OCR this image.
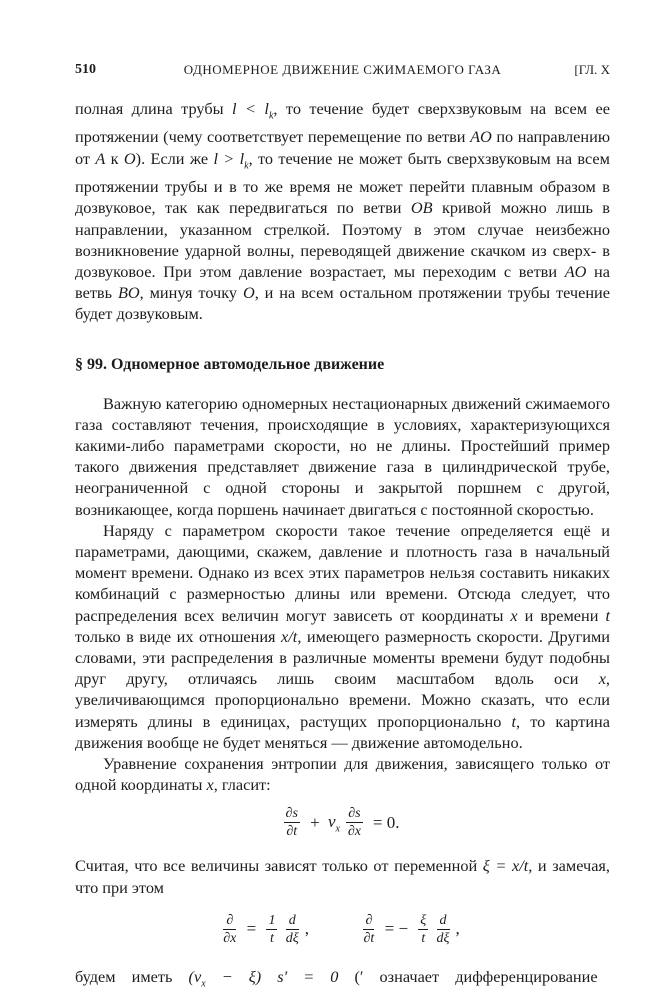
510	ОДНОМЕРНОЕ ДВИЖЕНИЕ СЖИМАЕМОГО ГАЗА	[ГЛ. X

полная длина трубы $l < l_k$, то течение будет сверхзвуковым на всем ее протяжении (чему соответствует перемещение по ветви AO по направлению от A к O). Если же $l > l_k$, то течение не может быть сверхзвуковым на всем протяжении трубы и в то же время не может перейти плавным образом в дозвуковое, так как передвигаться по ветви OB кривой можно лишь в направлении, указанном стрелкой. Поэтому в этом случае неизбежно возникновение ударной волны, переводящей движение скачком из сверх- в дозвуковое. При этом давление возрастает, мы переходим с ветви AO на ветвь BO, минуя точку O, и на всем остальном протяжении трубы течение будет дозвуковым.

§ 99. Одномерное автомодельное движение

Важную категорию одномерных нестационарных движений сжимаемого газа составляют течения, происходящие в условиях, характеризующихся какими-либо параметрами скорости, но не длины. Простейший пример такого движения представляет движение газа в цилиндрической трубе, неограниченной с одной стороны и закрытой поршнем с другой, возникающее, когда поршень начинает двигаться с постоянной скоростью.

Наряду с параметром скорости такое течение определяется ещё и параметрами, дающими, скажем, давление и плотность газа в начальный момент времени. Однако из всех этих параметров нельзя составить никаких комбинаций с размерностью длины или времени. Отсюда следует, что распределения всех величин могут зависеть от координаты x и времени t только в виде их отношения x/t, имеющего размерность скорости. Другими словами, эти распределения в различные моменты времени будут подобны друг другу, отличаясь лишь своим масштабом вдоль оси x, увеличивающимся пропорционально времени. Можно сказать, что если измерять длины в единицах, растущих пропорционально t, то картина движения вообще не будет меняться — движение автомодельно.

Уравнение сохранения энтропии для движения, зависящего только от одной координаты x, гласит:

$\frac{\partial s}{\partial t} + v_x \frac{\partial s}{\partial x} = 0$.

Считая, что все величины зависят только от переменной ξ = x/t, и замечая, что при этом

$\frac{\partial}{\partial x} = \frac{1}{t}$
$\frac{d}{d\xi}$ ,	$\frac{\partial}{\partial t}$ = − $\frac{\xi}{t}$
$\frac{d}{d\xi}$ ,

будем иметь $(v_x - \xi) s' = 0$ (′ означает дифференцирование
